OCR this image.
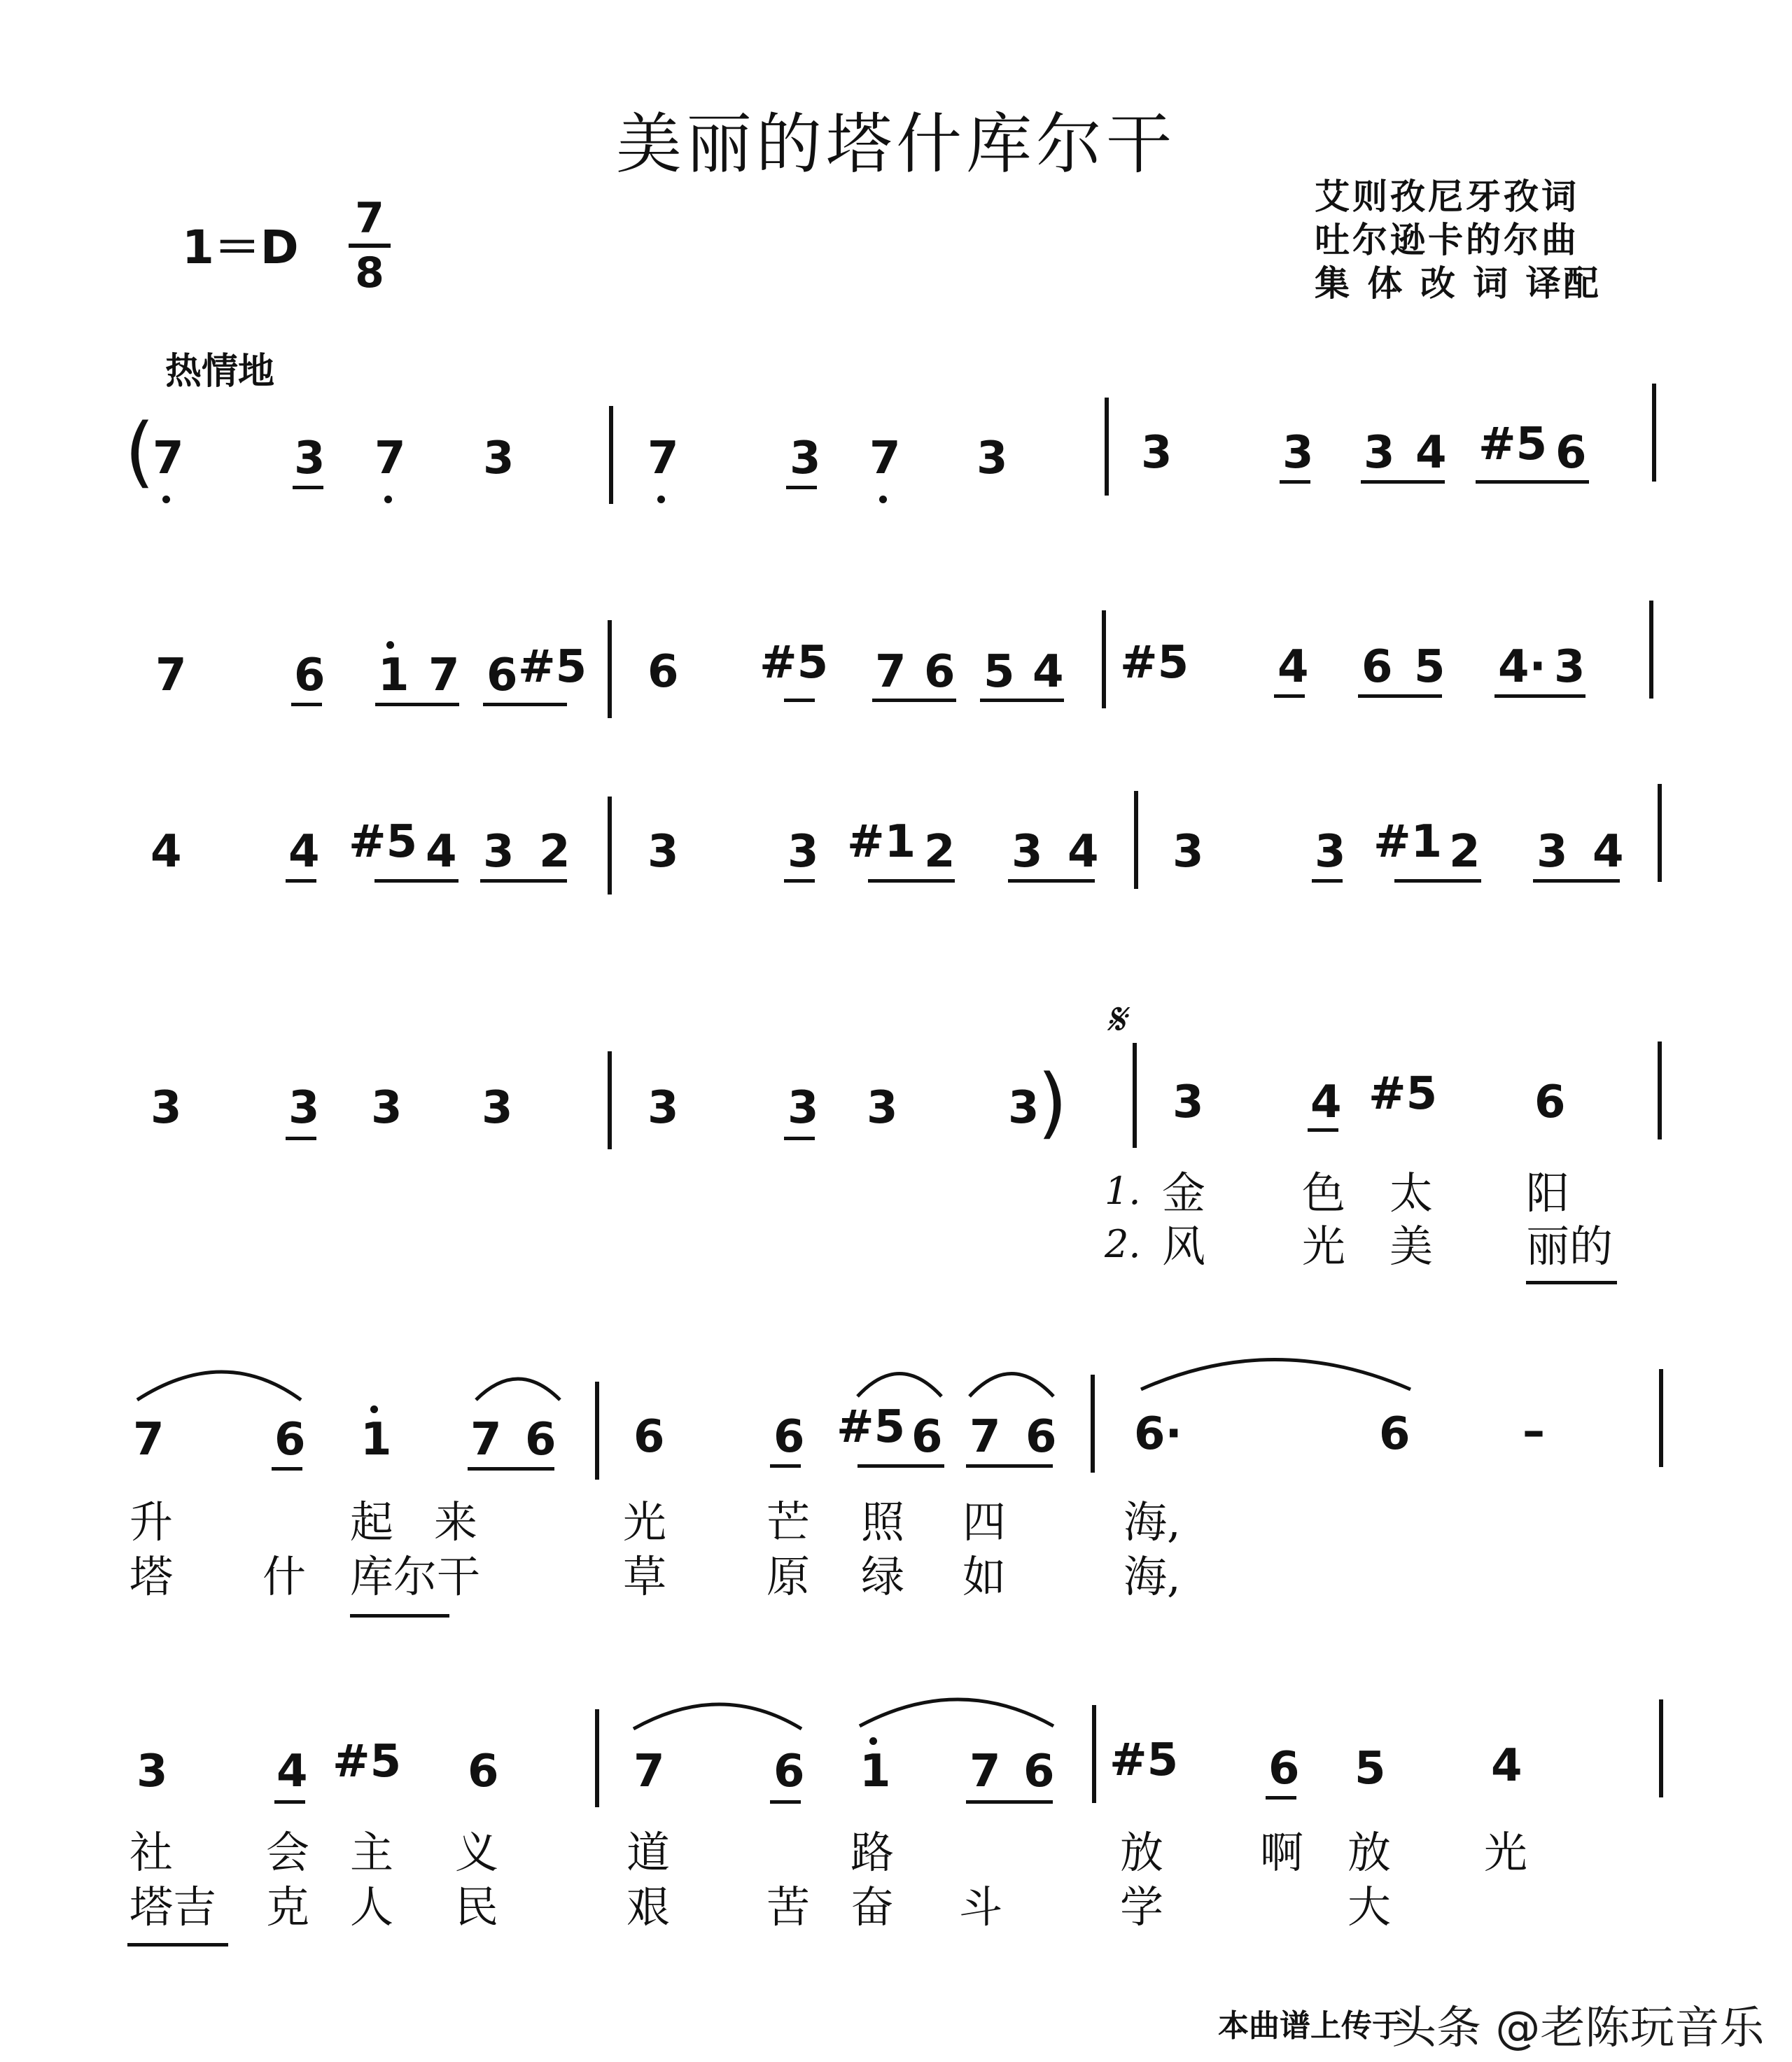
美丽的塔什库尔干
1＝D
7
8
艾则孜尼牙孜词
吐尔逊卡的尔曲
集 体 改 词 译配
热情地
(
7 3 7 3	7 3 7 3	3 3 3 4 #5 6
7 6 1 7 6 #5 6 #5 7 6 5 4 #5 4 6 5 4· 3
4 4 #5 4 3 2 3 3 #1 2 3 4 3 3 #1 2 3 4
3 3 3 3	3 3 3 3
) 3 4 #5 6
𝄋
1.
2.
金 色 太 阳
风 光 美 丽的
7 6 1 7 6 6 6 #5 6 7 6 6·	6	–
升	起 来	光 芒 照 四	海,
塔 什 库尔干	草 原 绿 如	海,
3 4 #5 6	7 6 1 7 6 #5 6 5 4
社 会 主 义	道	路	放 啊 放 光
塔吉 克 人 民	艰 苦 奋 斗	学	大
本曲谱上传于
头条 @老陈玩音乐
